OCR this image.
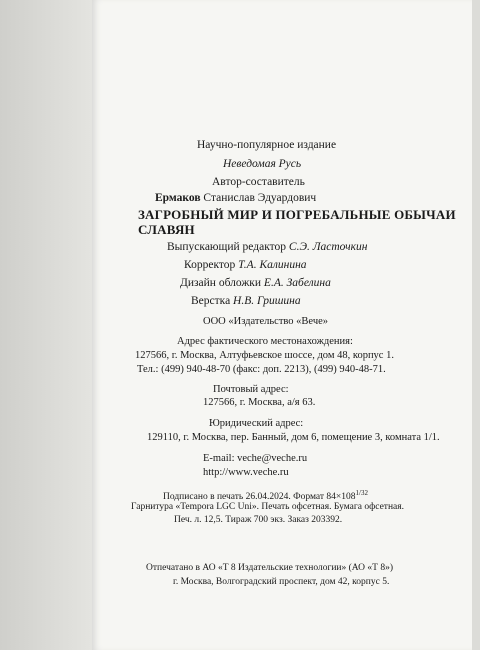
Научно-популярное издание
Неведомая Русь
Автор-составитель
Ермаков Станислав Эдуардович
ЗАГРОБНЫЙ МИР И ПОГРЕБАЛЬНЫЕ ОБЫЧАИ
СЛАВЯН
Выпускающий редактор С.Э. Ласточкин
Корректор Т.А. Калинина
Дизайн обложки Е.А. Забелина
Верстка Н.В. Гришина
ООО «Издательство «Вече»
Адрес фактического местонахождения:
127566, г. Москва, Алтуфьевское шоссе, дом 48, корпус 1.
Тел.: (499) 940-48-70 (факс: доп. 2213), (499) 940-48-71.
Почтовый адрес:
127566, г. Москва, а/я 63.
Юридический адрес:
129110, г. Москва, пер. Банный, дом 6, помещение 3, комната 1/1.
E-mail: veche@veche.ru
http://www.veche.ru
Подписано в печать 26.04.2024. Формат $84\times 108^{1/32}$
Гарнитура «Tempora LGC Uni». Печать офсетная. Бумага офсетная.
Печ. л. 12,5. Тираж 700 экз. Заказ 203392.
Отпечатано в АО «Т 8 Издательские технологии» (АО «Т 8»)
г. Москва, Волгоградский проспект, дом 42, корпус 5.
